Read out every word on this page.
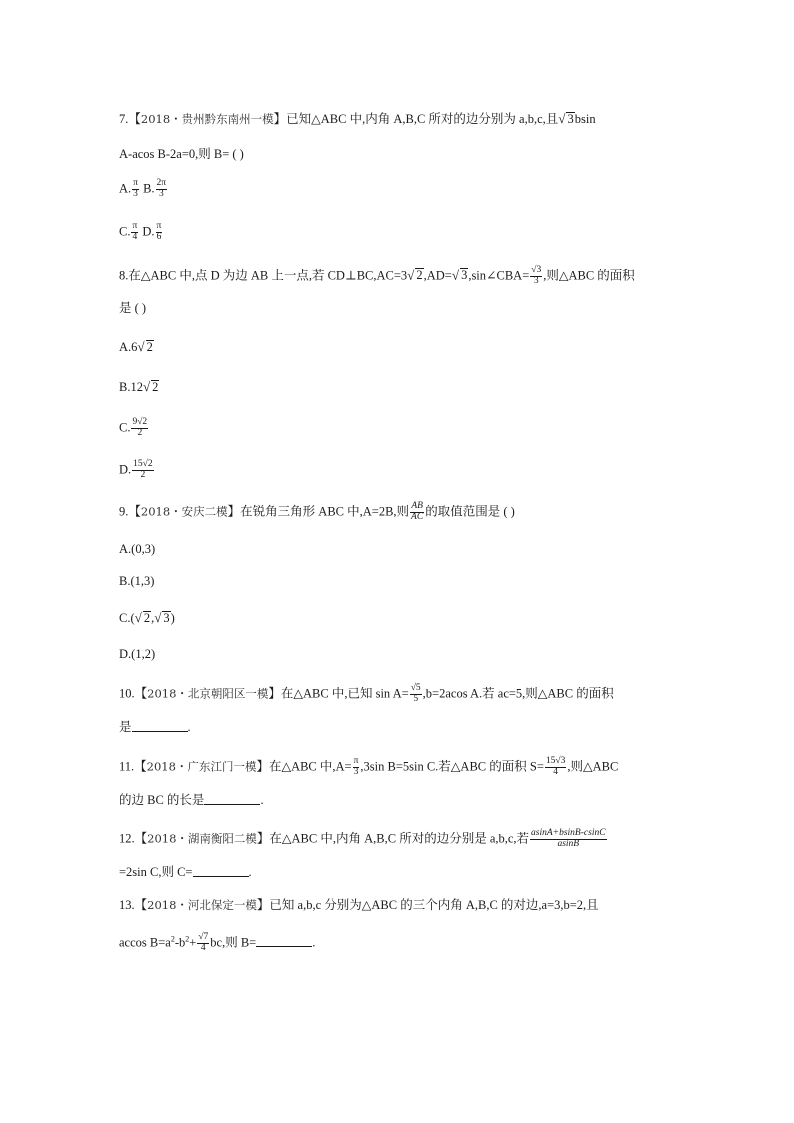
7.【2018・贵州黔东南州一模】已知△ABC 中,内角 A,B,C 所对的边分别为 a,b,c,且√ 3bsin
A-acos B-2a=0,则 B= ( )
A. $\frac{\pi}{3} B$. $\frac{2\pi}{3}$
C. $\frac{\pi}{4} D$. $\frac{\pi}{6}$
8.在△ABC 中,点 D 为边 AB 上一点,若 CD⊥BC,AC=3√ 2,AD=√ 3,sin∠CBA= $\frac{√3}{3}$ ,则△ABC 的面积
是 ( )
A.6√ 2
B.12√ 2
C. $\frac{9√2}{2}$
D. $\frac{15√2}{2}$
9.【2018・安庆二模】在锐角三角形 ABC 中,A=2B,则 $\frac{AB}{AC}$ 的取值范围是 ( )
A.(0,3)
B.(1,3)
C.(√ 2,√ 3)
D.(1,2)
10.【2018・北京朝阳区一模】在△ABC 中,已知 $\sin A= \frac{√5}{5} ,b=2acos$ A.若 ac=5,则△ABC 的面积
是	.
11.【2018・广东江门一模】在△ABC 中$,A= \frac{\pi}{3} ,3\sin$ B=5sin C.若△ABC 的面积 $S= \frac{15√3}{4}$ ,则△ABC
的边 BC 的长是	.
12.【2018・湖南衡阳二模】在△ABC 中,内角 A,B,C 所对的边分别是 a,b,c,若 $\frac{asinA+bsinB-csinC}{asinB}$
=2sin C,则 C=	.
13.【2018・河北保定一模】已知 a,b,c 分别为△ABC 的三个内角 A,B,C 的对边,a=3,b=2,且
accos $B=a^2-b^2+ \frac{√7}{4}$ bc,则 B=	.
